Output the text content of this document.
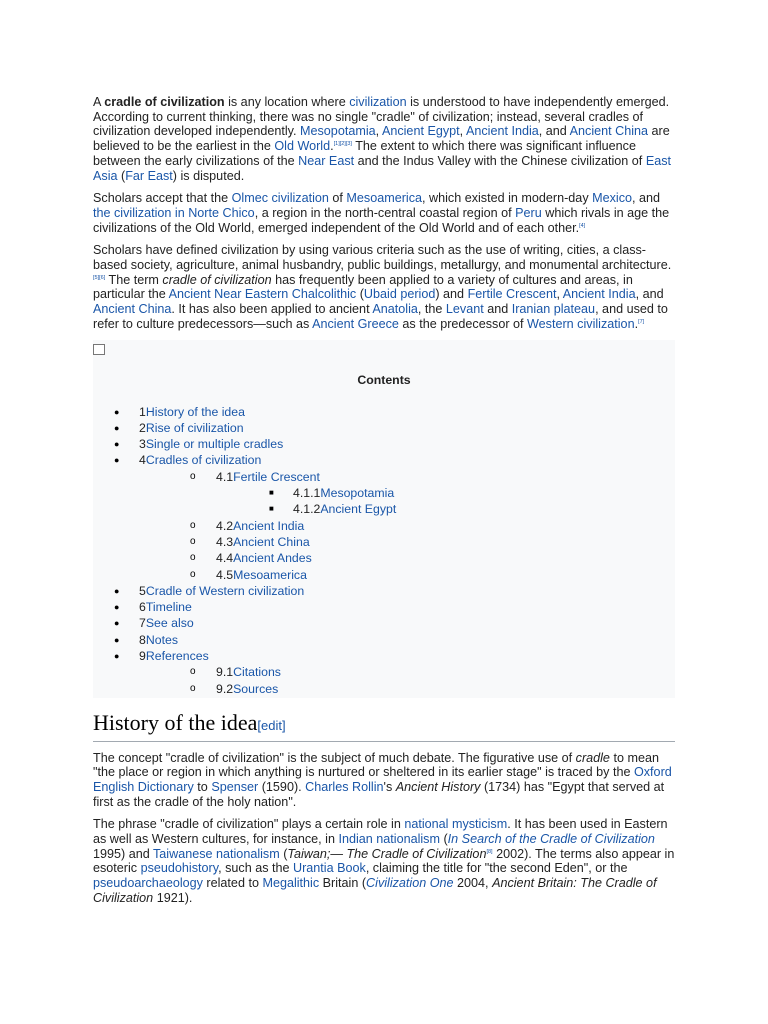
A cradle of civilization is any location where civilization is understood to have independently emerged. According to current thinking, there was no single "cradle" of civilization; instead, several cradles of civilization developed independently. Mesopotamia, Ancient Egypt, Ancient India, and Ancient China are believed to be the earliest in the Old World.[1][2][3] The extent to which there was significant influence between the early civilizations of the Near East and the Indus Valley with the Chinese civilization of East Asia (Far East) is disputed.

Scholars accept that the Olmec civilization of Mesoamerica, which existed in modern-day Mexico, and the civilization in Norte Chico, a region in the north-central coastal region of Peru which rivals in age the civilizations of the Old World, emerged independent of the Old World and of each other.[4]

Scholars have defined civilization by using various criteria such as the use of writing, cities, a class-based society, agriculture, animal husbandry, public buildings, metallurgy, and monumental architecture.[5][6] The term cradle of civilization has frequently been applied to a variety of cultures and areas, in particular the Ancient Near Eastern Chalcolithic (Ubaid period) and Fertile Crescent, Ancient India, and Ancient China. It has also been applied to ancient Anatolia, the Levant and Iranian plateau, and used to refer to culture predecessors—such as Ancient Greece as the predecessor of Western civilization.[7]

Contents
● 1History of the idea
● 2Rise of civilization
● 3Single or multiple cradles
● 4Cradles of civilization
o 4.1Fertile Crescent
■ 4.1.1Mesopotamia
■ 4.1.2Ancient Egypt
o 4.2Ancient India
o 4.3Ancient China
o 4.4Ancient Andes
o 4.5Mesoamerica
● 5Cradle of Western civilization
● 6Timeline
● 7See also
● 8Notes
● 9References
o 9.1Citations
o 9.2Sources
History of the idea[edit]

The concept "cradle of civilization" is the subject of much debate. The figurative use of cradle to mean "the place or region in which anything is nurtured or sheltered in its earlier stage" is traced by the Oxford English Dictionary to Spenser (1590). Charles Rollin's Ancient History (1734) has "Egypt that served at first as the cradle of the holy nation".

The phrase "cradle of civilization" plays a certain role in national mysticism. It has been used in Eastern as well as Western cultures, for instance, in Indian nationalism (In Search of the Cradle of Civilization 1995) and Taiwanese nationalism (Taiwan;— The Cradle of Civilization[8] 2002). The terms also appear in esoteric pseudohistory, such as the Urantia Book, claiming the title for "the second Eden", or the pseudoarchaeology related to Megalithic Britain (Civilization One 2004, Ancient Britain: The Cradle of Civilization 1921).
